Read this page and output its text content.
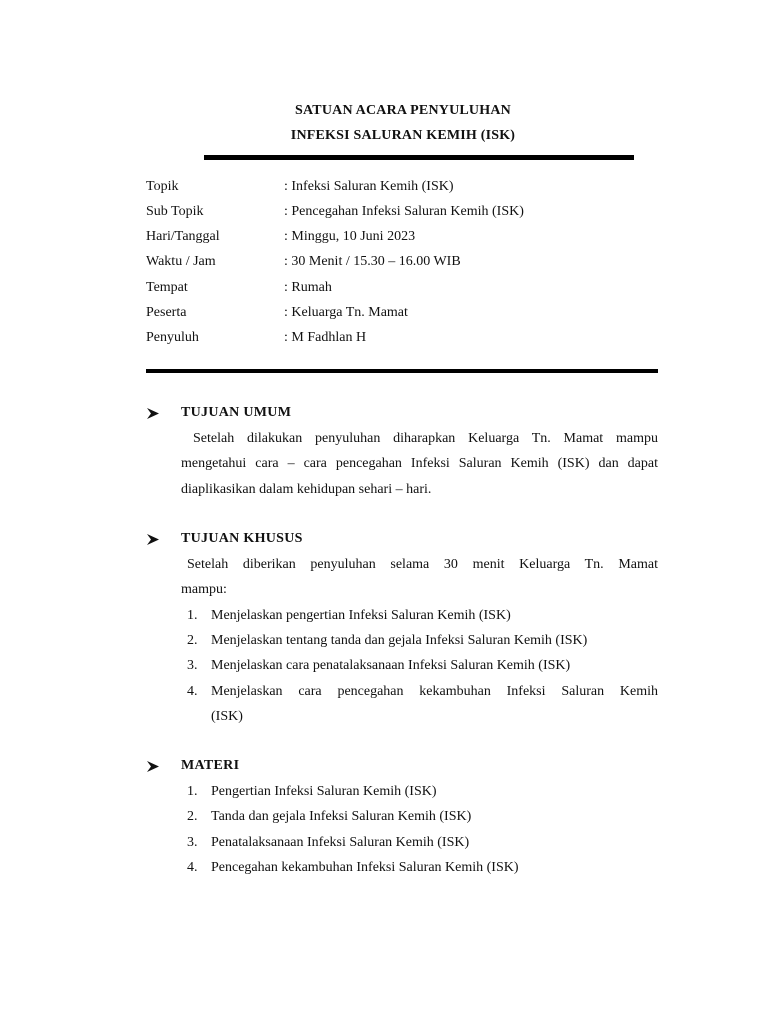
SATUAN ACARA PENYULUHAN
INFEKSI SALURAN KEMIH (ISK)
Topik	: Infeksi Saluran Kemih (ISK)
Sub Topik	: Pencegahan Infeksi Saluran Kemih (ISK)
Hari/Tanggal	: Minggu, 10 Juni 2023
Waktu / Jam	: 30 Menit / 15.30 – 16.00 WIB
Tempat	: Rumah
Peserta	: Keluarga Tn. Mamat
Penyuluh	: M Fadhlan H
TUJUAN UMUM
Setelah dilakukan penyuluhan diharapkan Keluarga Tn. Mamat mampu
mengetahui cara – cara pencegahan Infeksi Saluran Kemih (ISK) dan dapat
diaplikasikan dalam kehidupan sehari – hari.
TUJUAN KHUSUS
Setelah diberikan penyuluhan selama 30 menit Keluarga Tn. Mamat
mampu:
1. Menjelaskan pengertian Infeksi Saluran Kemih (ISK)
2. Menjelaskan tentang tanda dan gejala Infeksi Saluran Kemih (ISK)
3. Menjelaskan cara penatalaksanaan Infeksi Saluran Kemih (ISK)
4. Menjelaskan cara pencegahan kekambuhan Infeksi Saluran Kemih
(ISK)
MATERI
1. Pengertian Infeksi Saluran Kemih (ISK)
2. Tanda dan gejala Infeksi Saluran Kemih (ISK)
3. Penatalaksanaan Infeksi Saluran Kemih (ISK)
4. Pencegahan kekambuhan Infeksi Saluran Kemih (ISK)
